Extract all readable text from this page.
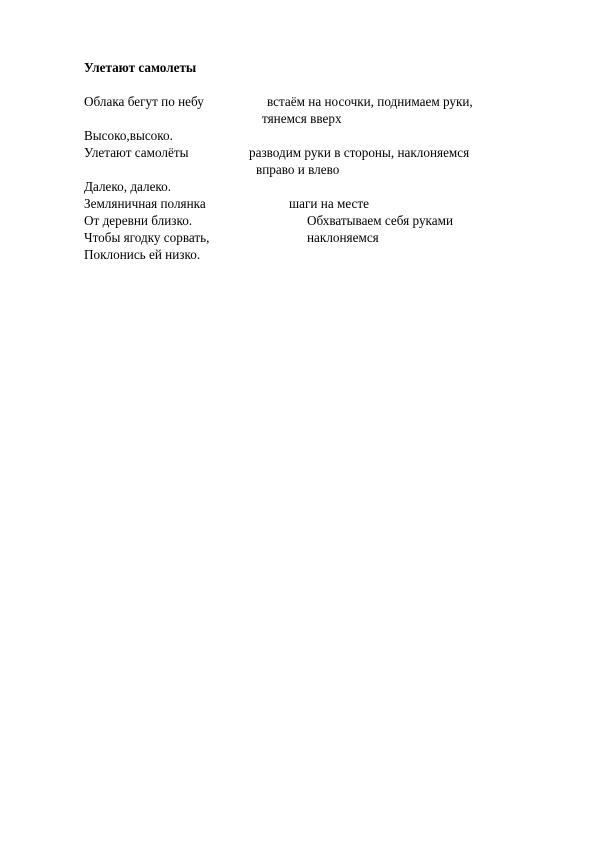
Улетают самолеты
Облака бегут по небу	встаём на носочки, поднимаем руки,
тянемся вверх
Высоко,высоко.
Улетают самолёты	разводим руки в стороны, наклоняемся
вправо и влево
Далеко, далеко.
Земляничная полянка	шаги на месте
От деревни близко.	Обхватываем себя руками
Чтобы ягодку сорвать,	наклоняемся
Поклонись ей низко.
